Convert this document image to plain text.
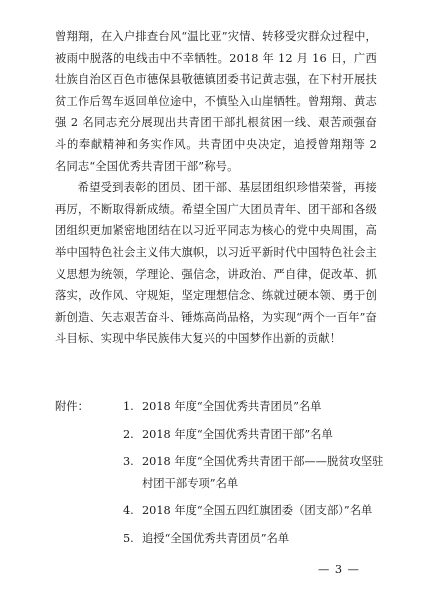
曾翔翔，在入户排查台风“温比亚”灾情、转移受灾群众过程中，被雨中脱落的电线击中不幸牺牲。2018 年 12 月 16 日，广西壮族自治区百色市德保县敬德镇团委书记黄志强，在下村开展扶贫工作后驾车返回单位途中，不慎坠入山崖牺牲。曾翔翔、黄志强 2 名同志充分展现出共青团干部扎根贫困一线、艰苦顽强奋斗的奉献精神和务实作风。共青团中央决定，追授曾翔翔等 2 名同志“全国优秀共青团干部”称号。

希望受到表彰的团员、团干部、基层团组织珍惜荣誉，再接再厉，不断取得新成绩。希望全国广大团员青年、团干部和各级团组织更加紧密地团结在以习近平同志为核心的党中央周围，高举中国特色社会主义伟大旗帜，以习近平新时代中国特色社会主义思想为统领，学理论、强信念，讲政治、严自律，促改革、抓落实，改作风、守规矩，坚定理想信念、练就过硬本领、勇于创新创造、矢志艰苦奋斗、锤炼高尚品格，为实现“两个一百年”奋斗目标、实现中华民族伟大复兴的中国梦作出新的贡献！

附件：	1. 2018 年度“全国优秀共青团员”名单
2. 2018 年度“全国优秀共青团干部”名单
3. 2018 年度“全国优秀共青团干部——脱贫攻坚驻村团干部专项”名单
4. 2018 年度“全国五四红旗团委（团支部）”名单
5. 追授“全国优秀共青团员”名单
— 3 —
